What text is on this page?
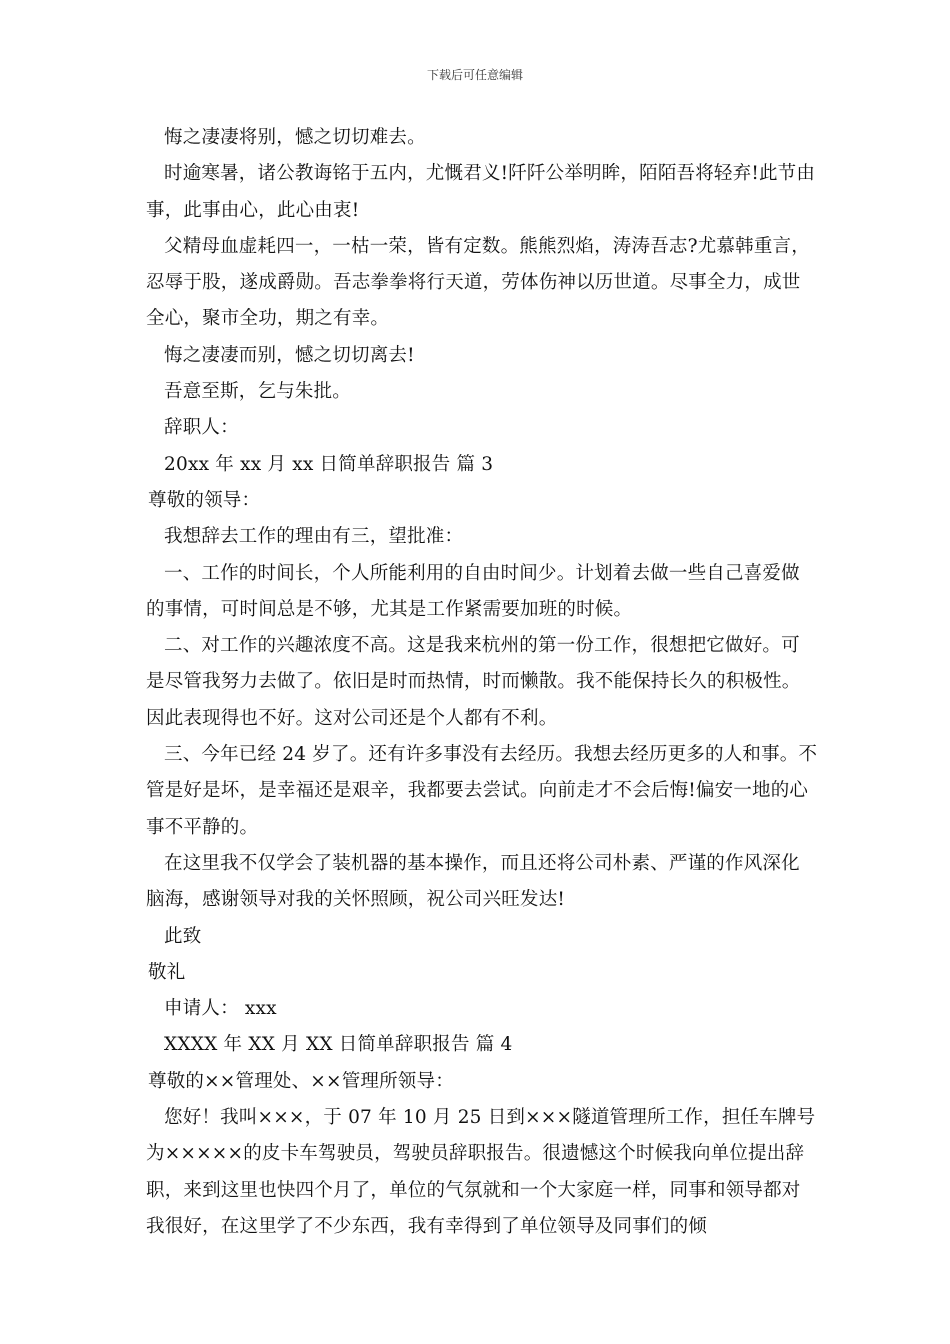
下载后可任意编辑

悔之凄凄将别，憾之切切难去。

时逾寒暑，诸公教诲铭于五内，尤慨君义!阡阡公举明眸，陌陌吾将轻弃!此节由事，此事由心，此心由衷!

父精母血虚耗四一，一枯一荣，皆有定数。熊熊烈焰，涛涛吾志?尤慕韩重言，忍辱于股，遂成爵勋。吾志拳拳将行天道，劳体伤神以历世道。尽事全力，成世全心，聚市全功，期之有幸。

悔之凄凄而别，憾之切切离去!

吾意至斯，乞与朱批。

辞职人：

20xx 年 xx 月 xx 日简单辞职报告 篇 3

尊敬的领导：

我想辞去工作的理由有三，望批准：

一、工作的时间长，个人所能利用的自由时间少。计划着去做一些自己喜爱做的事情，可时间总是不够，尤其是工作紧需要加班的时候。

二、对工作的兴趣浓度不高。这是我来杭州的第一份工作，很想把它做好。可是尽管我努力去做了。依旧是时而热情，时而懒散。我不能保持长久的积极性。因此表现得也不好。这对公司还是个人都有不利。

三、今年已经 24 岁了。还有许多事没有去经历。我想去经历更多的人和事。不管是好是坏，是幸福还是艰辛，我都要去尝试。向前走才不会后悔!偏安一地的心事不平静的。

在这里我不仅学会了装机器的基本操作，而且还将公司朴素、严谨的作风深化脑海，感谢领导对我的关怀照顾，祝公司兴旺发达!

此致

敬礼

申请人： xxx

XXXX 年 XX 月 XX 日简单辞职报告 篇 4

尊敬的××管理处、××管理所领导：

您好！我叫×××，于 07 年 10 月 25 日到×××隧道管理所工作，担任车牌号为×××××的皮卡车驾驶员，驾驶员辞职报告。很遗憾这个时候我向单位提出辞职，来到这里也快四个月了，单位的气氛就和一个大家庭一样，同事和领导都对我很好，在这里学了不少东西，我有幸得到了单位领导及同事们的倾
